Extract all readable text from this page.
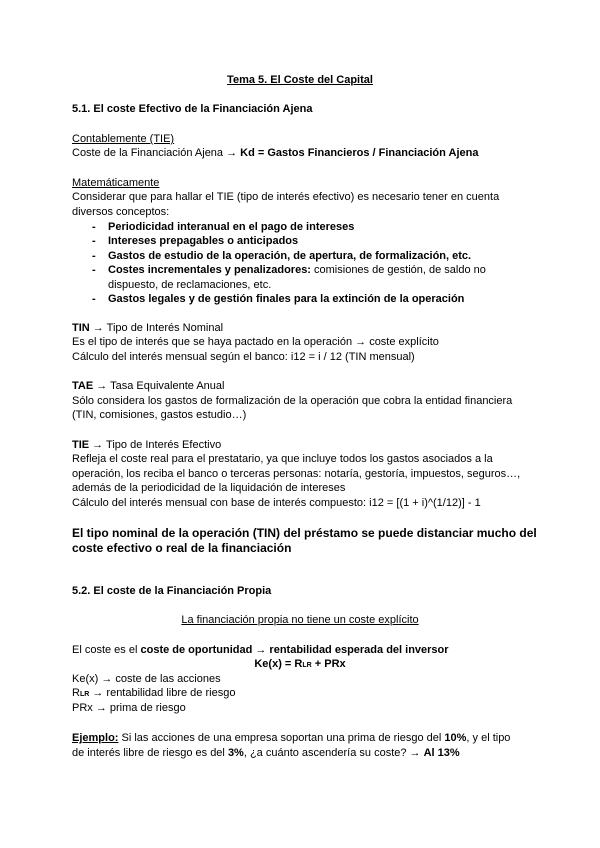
Tema 5. El Coste del Capital
5.1. El coste Efectivo de la Financiación Ajena
Contablemente (TIE)
Coste de la Financiación Ajena → Kd = Gastos Financieros / Financiación Ajena
Matemáticamente
Considerar que para hallar el TIE (tipo de interés efectivo) es necesario tener en cuenta
diversos conceptos:
- Periodicidad interanual en el pago de intereses
- Intereses prepagables o anticipados
- Gastos de estudio de la operación, de apertura, de formalización, etc.
- Costes incrementales y penalizadores: comisiones de gestión, de saldo no
dispuesto, de reclamaciones, etc.
- Gastos legales y de gestión finales para la extinción de la operación
TIN → Tipo de Interés Nominal
Es el tipo de interés que se haya pactado en la operación → coste explícito
Cálculo del interés mensual según el banco: i12 = i / 12 (TIN mensual)
TAE → Tasa Equivalente Anual
Sólo considera los gastos de formalización de la operación que cobra la entidad financiera
(TIN, comisiones, gastos estudio…)
TIE → Tipo de Interés Efectivo
Refleja el coste real para el prestatario, ya que incluye todos los gastos asociados a la
operación, los reciba el banco o terceras personas: notaría, gestoría, impuestos, seguros…,
además de la periodicidad de la liquidación de intereses
Cálculo del interés mensual con base de interés compuesto: i12 = [(1 + i)^(1/12)] - 1
El tipo nominal de la operación (TIN) del préstamo se puede distanciar mucho del
coste efectivo o real de la financiación
5.2. El coste de la Financiación Propia
La financiación propia no tiene un coste explícito
El coste es el coste de oportunidad → rentabilidad esperada del inversor
Ke(x) = RLR + PRx
Ke(x) → coste de las acciones
RLR → rentabilidad libre de riesgo
PRx → prima de riesgo
Ejemplo: Si las acciones de una empresa soportan una prima de riesgo del 10%, y el tipo
de interés libre de riesgo es del 3%, ¿a cuánto ascendería su coste? → Al 13%
